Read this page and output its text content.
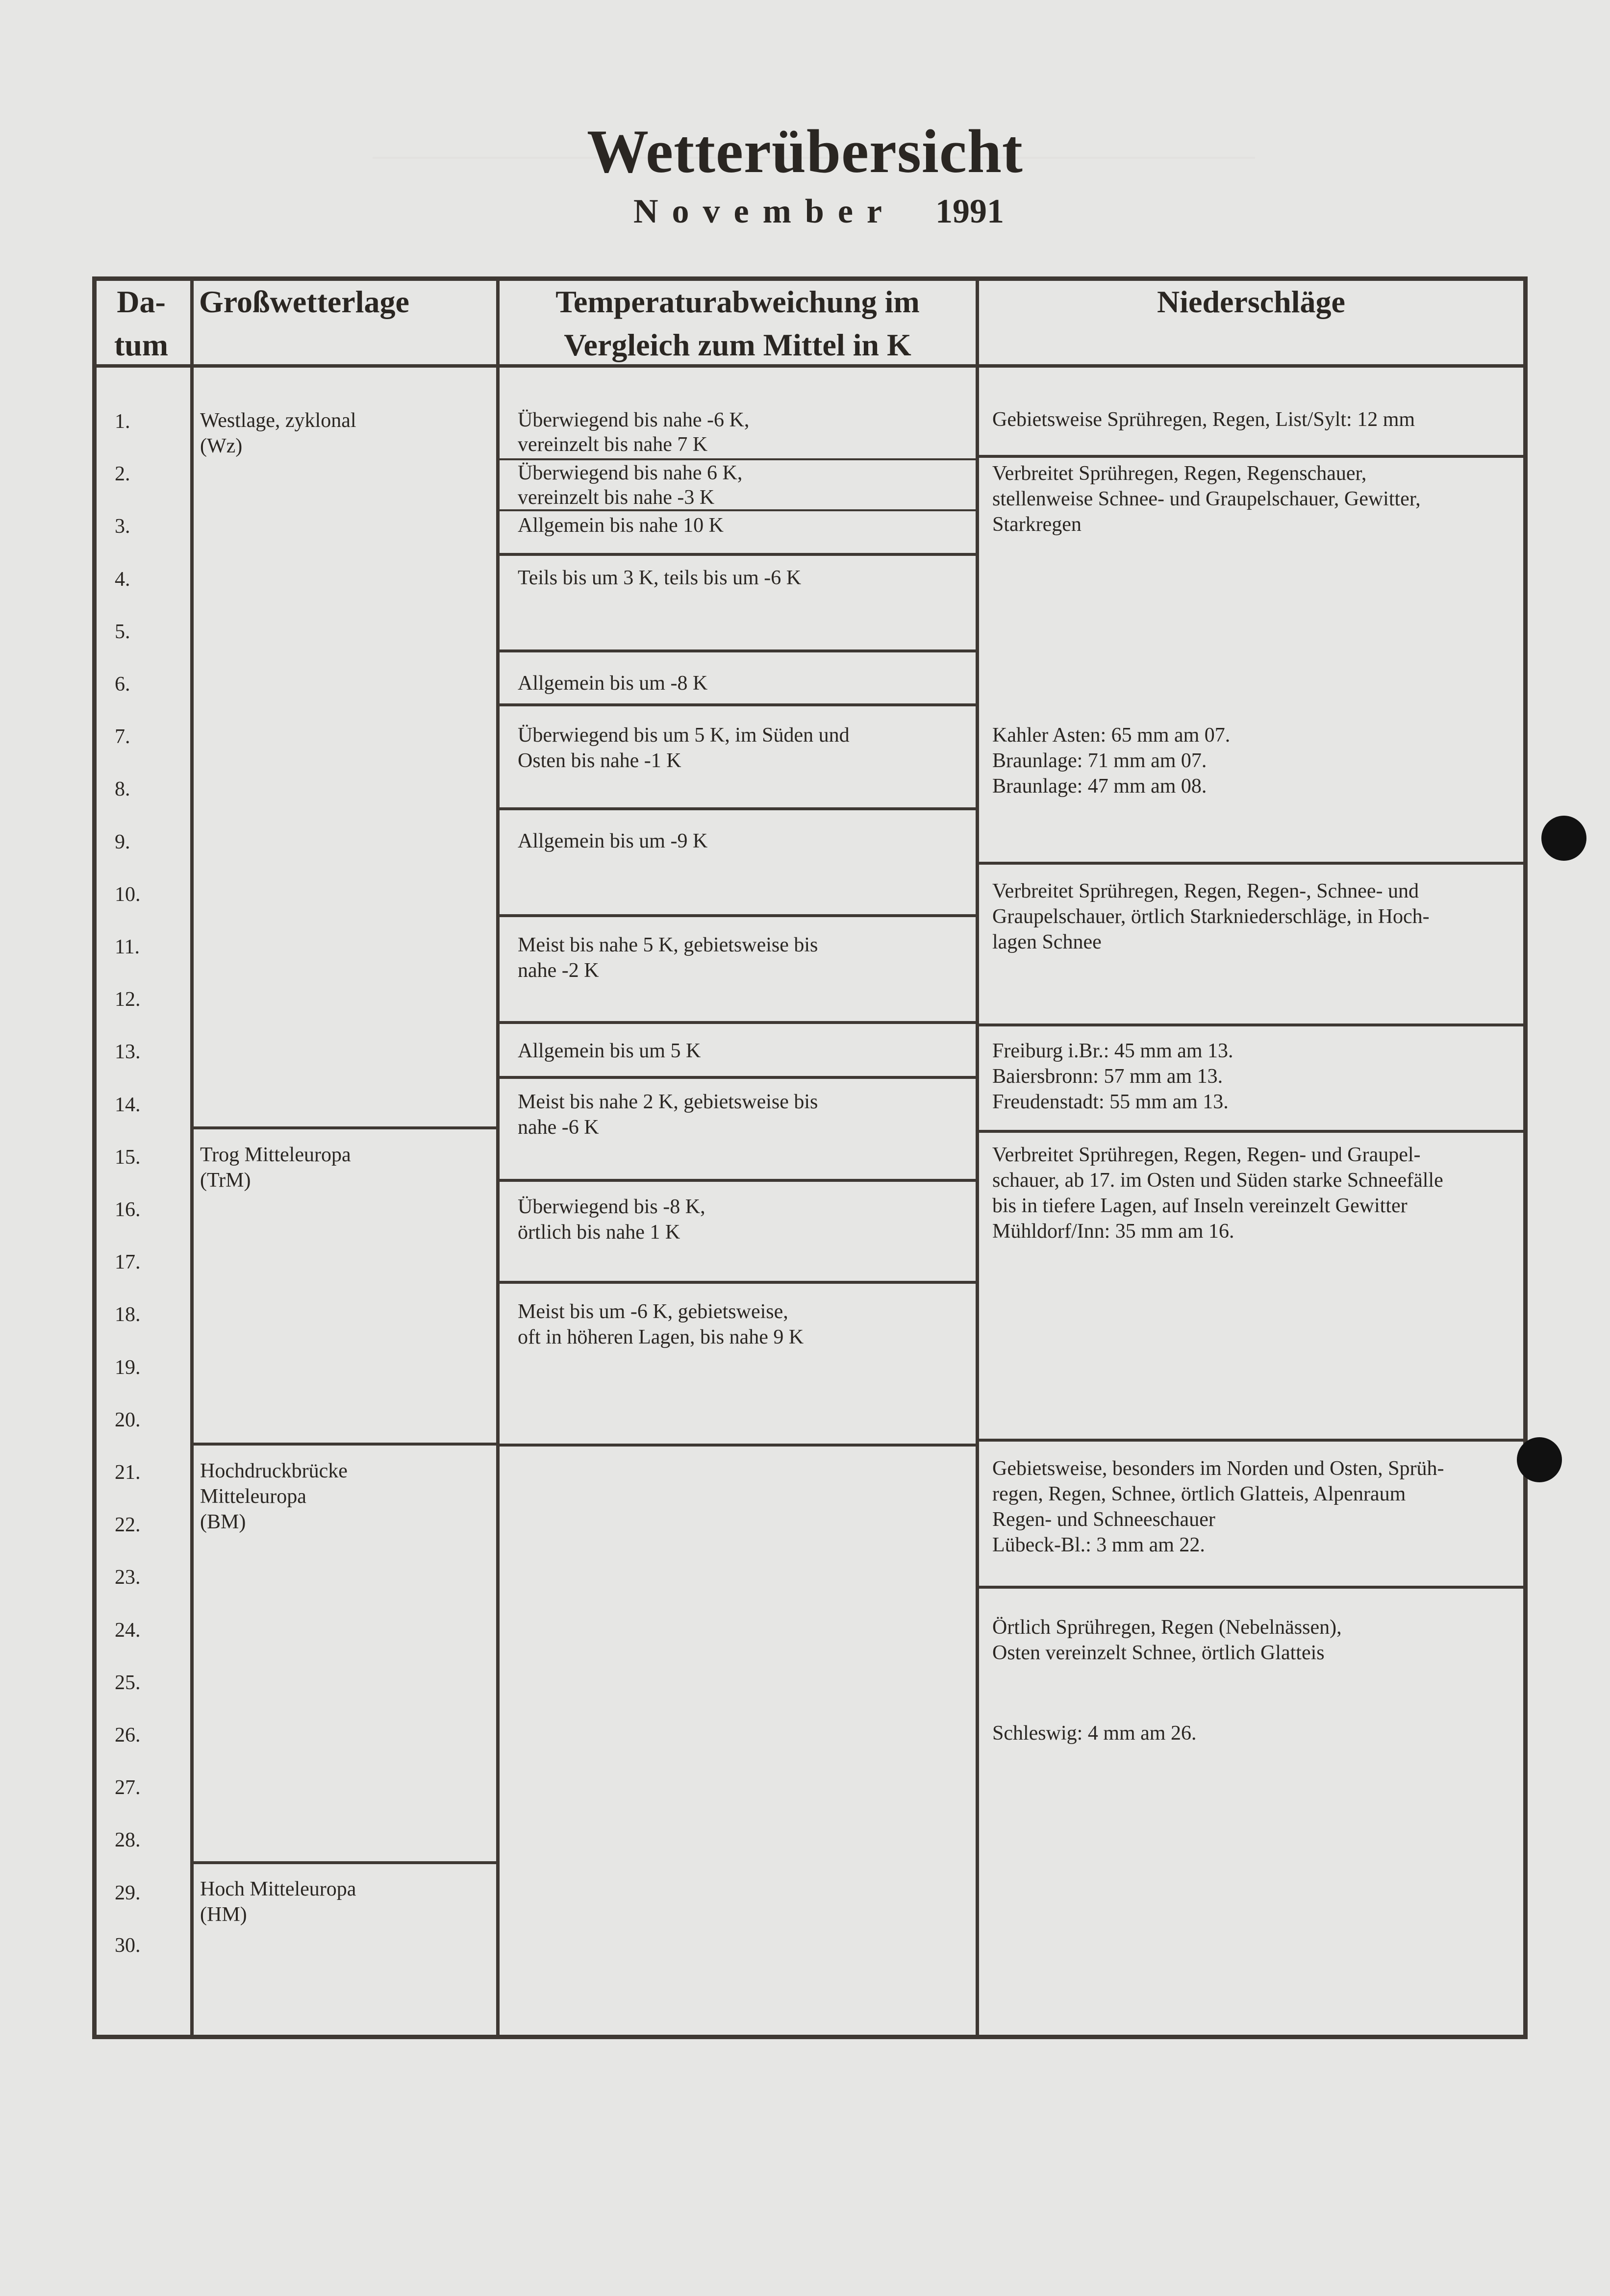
Wetterübersicht
November 1991
Da-
tum
Großwetterlage	Temperaturabweichung im
Vergleich zum Mittel in K
Niederschläge
1.
2.
3.
4.
5.
6.
7.
8.
9.
10.
11.
12.
13.
14.
15.
16.
17.
18.
19.
20.
21.
22.
23.
24.
25.
26.
27.
28.
29.
30.
Westlage, zyklonal
(Wz)
Trog Mitteleuropa
(TrM)
Hochdruckbrücke
Mitteleuropa
(BM)
Hoch Mitteleuropa
(HM)
Überwiegend bis nahe -6 K,
vereinzelt bis nahe 7 K
Überwiegend bis nahe 6 K,
vereinzelt bis nahe -3 K
Allgemein bis nahe 10 K
Teils bis um 3 K, teils bis um -6 K
Allgemein bis um -8 K
Überwiegend bis um 5 K, im Süden und
Osten bis nahe -1 K
Allgemein bis um -9 K
Meist bis nahe 5 K, gebietsweise bis
nahe -2 K
Allgemein bis um 5 K
Meist bis nahe 2 K, gebietsweise bis
nahe -6 K
Überwiegend bis -8 K,
örtlich bis nahe 1 K
Meist bis um -6 K, gebietsweise,
oft in höheren Lagen, bis nahe 9 K
Gebietsweise Sprühregen, Regen, List/Sylt: 12 mm
Verbreitet Sprühregen, Regen, Regenschauer,
stellenweise Schnee- und Graupelschauer, Gewitter,
Starkregen
Kahler Asten: 65 mm am 07.
Braunlage: 71 mm am 07.
Braunlage: 47 mm am 08.
Verbreitet Sprühregen, Regen, Regen-, Schnee- und
Graupelschauer, örtlich Starkniederschläge, in Hoch-
lagen Schnee
Freiburg i.Br.: 45 mm am 13.
Baiersbronn: 57 mm am 13.
Freudenstadt: 55 mm am 13.
Verbreitet Sprühregen, Regen, Regen- und Graupel-
schauer, ab 17. im Osten und Süden starke Schneefälle
bis in tiefere Lagen, auf Inseln vereinzelt Gewitter
Mühldorf/Inn: 35 mm am 16.
Gebietsweise, besonders im Norden und Osten, Sprüh-
regen, Regen, Schnee, örtlich Glatteis, Alpenraum
Regen- und Schneeschauer
Lübeck-Bl.: 3 mm am 22.
Örtlich Sprühregen, Regen (Nebelnässen),
Osten vereinzelt Schnee, örtlich Glatteis
Schleswig: 4 mm am 26.
